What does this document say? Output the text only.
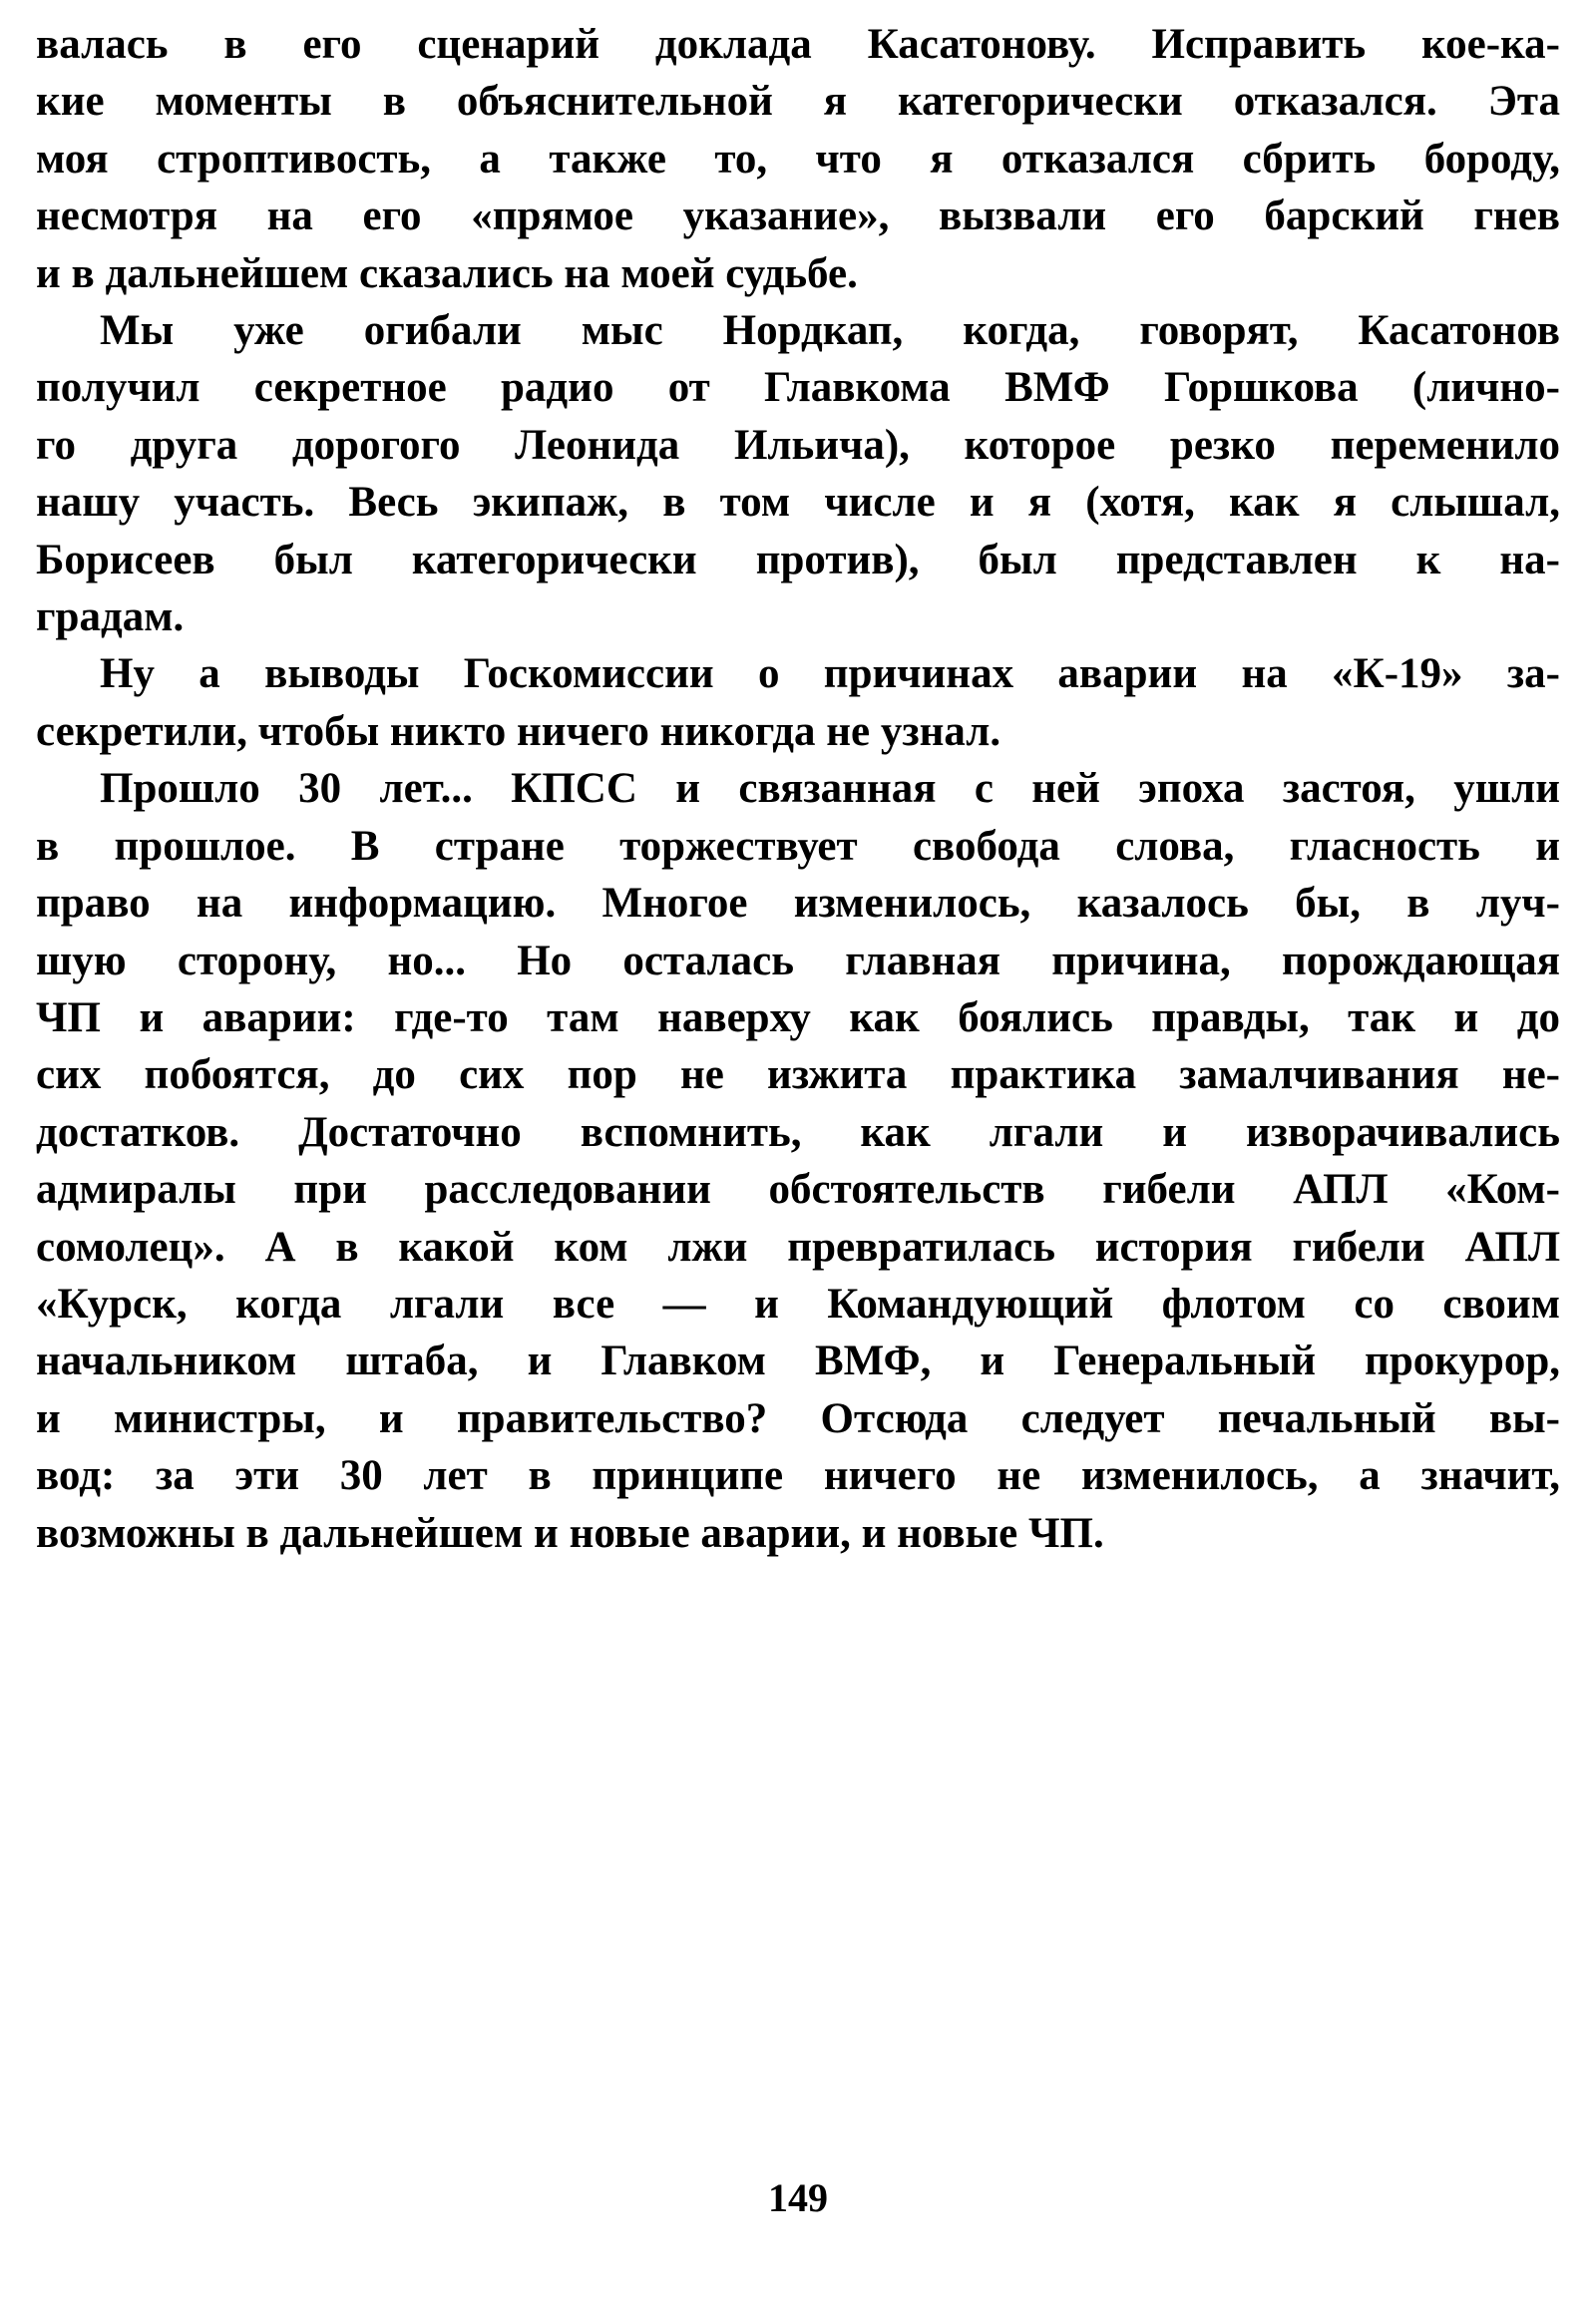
валась в его сценарий доклада Касатонову. Исправить кое-ка-
кие моменты в объяснительной я категорически отказался. Эта
моя строптивость, а также то, что я отказался сбрить бороду,
несмотря на его «прямое указание», вызвали его барский гнев
и в дальнейшем сказались на моей судьбе.
Мы уже огибали мыс Нордкап, когда, говорят, Касатонов
получил секретное радио от Главкома ВМФ Горшкова (лично-
го друга дорогого Леонида Ильича), которое резко переменило
нашу участь. Весь экипаж, в том числе и я (хотя, как я слышал,
Борисеев был категорически против), был представлен к на-
градам.
Ну а выводы Госкомиссии о причинах аварии на «К-19» за-
секретили, чтобы никто ничего никогда не узнал.
Прошло 30 лет... КПСС и связанная с ней эпоха застоя, ушли
в прошлое. В стране торжествует свобода слова, гласность и
право на информацию. Многое изменилось, казалось бы, в луч-
шую сторону, но... Но осталась главная причина, порождающая
ЧП и аварии: где-то там наверху как боялись правды, так и до
сих побоятся, до сих пор не изжита практика замалчивания не-
достатков. Достаточно вспомнить, как лгали и изворачивались
адмиралы при расследовании обстоятельств гибели АПЛ «Ком-
сомолец». А в какой ком лжи превратилась история гибели АПЛ
«Курск, когда лгали все — и Командующий флотом со своим
начальником штаба, и Главком ВМФ, и Генеральный прокурор,
и министры, и правительство? Отсюда следует печальный вы-
вод: за эти 30 лет в принципе ничего не изменилось, а значит,
возможны в дальнейшем и новые аварии, и новые ЧП.
149
